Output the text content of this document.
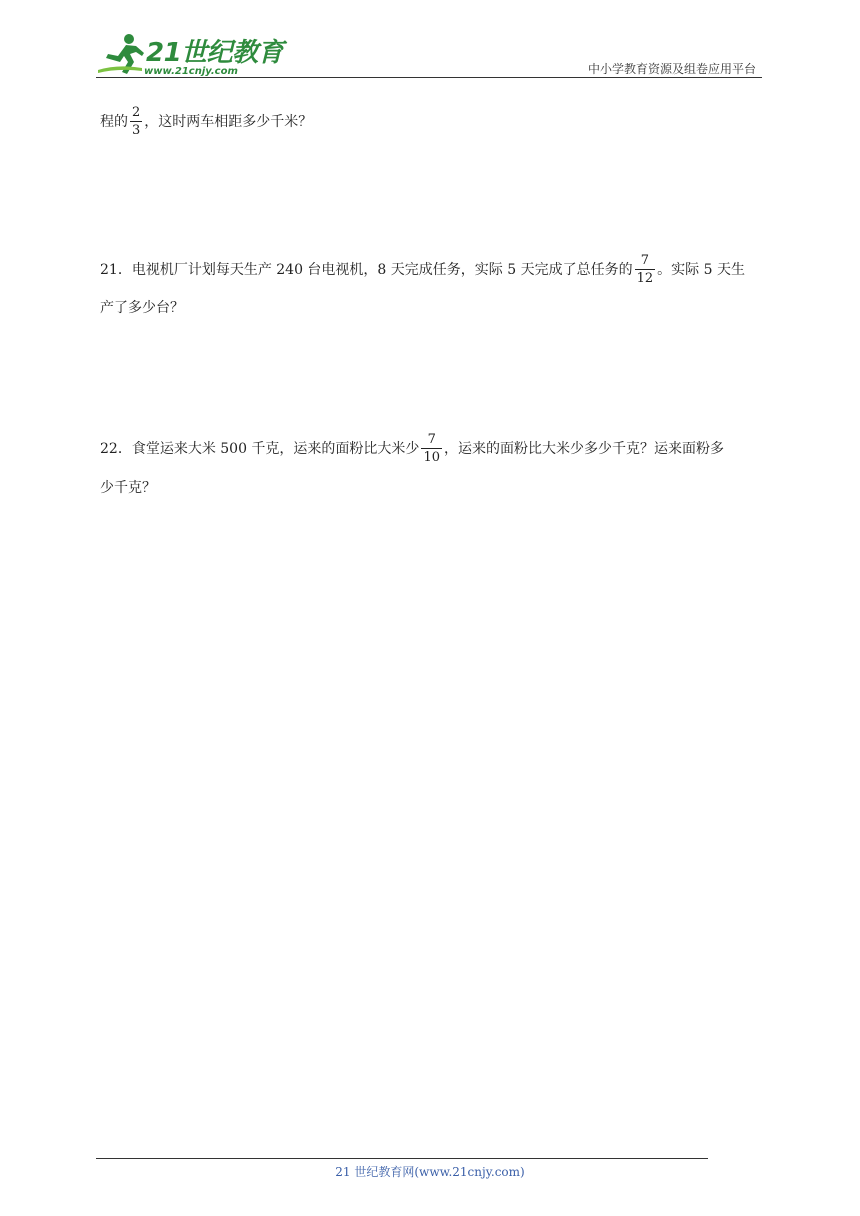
21世纪教育
www.21cnjy.com	中小学教育资源及组卷应用平台
程的 $\frac{2}{3}$ ，这时两车相距多少千米？
21．电视机厂计划每天生产 240 台电视机，8 天完成任务，实际 5 天完成了总任务的 $\frac{7}{12}$ 。实际 5 天生
产了多少台？
22．食堂运来大米 500 千克，运来的面粉比大米少 $\frac{7}{10}$ ，运来的面粉比大米少多少千克？运来面粉多
少千克？
21 世纪教育网(www.21cnjy.com)
